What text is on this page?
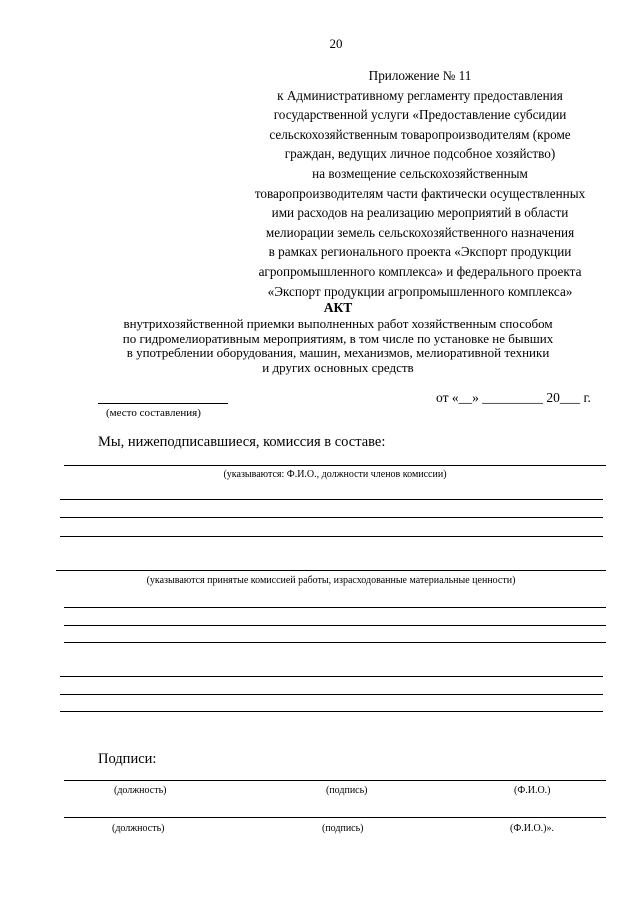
20
Приложение № 11
к Административному регламенту предоставления
государственной услуги «Предоставление субсидии
сельскохозяйственным товаропроизводителям (кроме
граждан, ведущих личное подсобное хозяйство)
на возмещение сельскохозяйственным
товаропроизводителям части фактически осуществленных
ими расходов на реализацию мероприятий в области
мелиорации земель сельскохозяйственного назначения
в рамках регионального проекта «Экспорт продукции
агропромышленного комплекса» и федерального проекта
«Экспорт продукции агропромышленного комплекса»
АКТ
внутрихозяйственной приемки выполненных работ хозяйственным способом
по гидромелиоративным мероприятиям, в том числе по установке не бывших
в употреблении оборудования, машин, механизмов, мелиоративной техники
и других основных средств
(место составления)
от «__» _________ 20___ г.
Мы, нижеподписавшиеся, комиссия в составе:
(указываются: Ф.И.О., должности членов комиссии)
(указываются принятые комиссией работы, израсходованные материальные ценности)
Подписи:
(должность)	(подпись)	(Ф.И.О.)
(должность)	(подпись)	(Ф.И.О.)».
